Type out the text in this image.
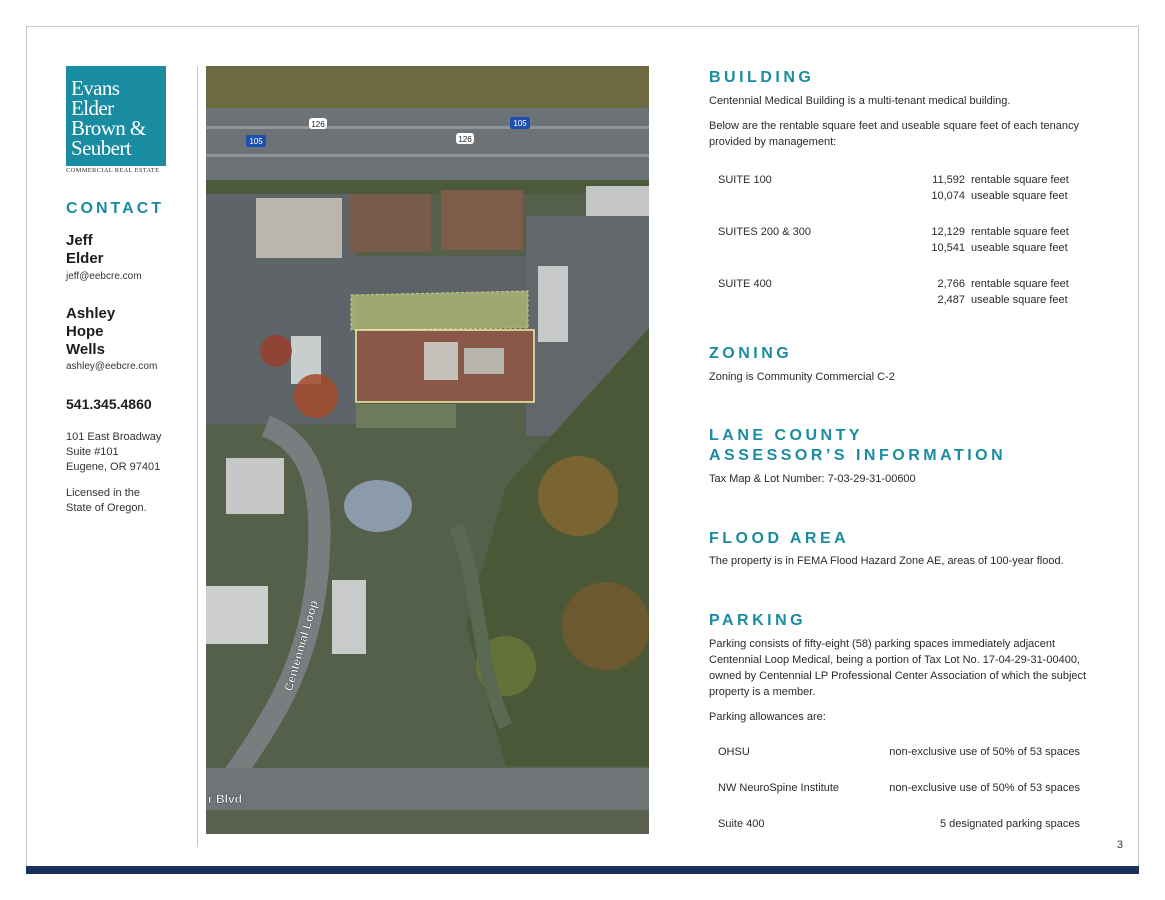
3
Evans
Elder
Brown &
Seubert
COMMERCIAL REAL ESTATE
CONTACT
Jeff
Elder
jeff@eebcre.com
Ashley
Hope
Wells
ashley@eebcre.com
541.345.4860
101 East Broadway
Suite #101
Eugene, OR 97401
Licensed in the
State of Oregon.
126
126
105
105
Centennial Loop
r Blvd
BUILDING
Centennial Medical Building is a multi-tenant medical building.
Below are the rentable square feet and useable square feet of each tenancy provided by management:
SUITE 100	11,592 rentable square feet
10,074 useable square feet
SUITES 200 & 300	12,129 rentable square feet
10,541 useable square feet
SUITE 400	2,766 rentable square feet
2,487 useable square feet
ZONING
Zoning is Community Commercial C-2
LANE COUNTY
ASSESSOR’S INFORMATION
Tax Map & Lot Number: 7-03-29-31-00600
FLOOD AREA
The property is in FEMA Flood Hazard Zone AE, areas of 100-year flood.
PARKING
Parking consists of fifty-eight (58) parking spaces immediately adjacent Centennial Loop Medical, being a portion of Tax Lot No. 17-04-29-31-00400, owned by Centennial LP Professional Center Association of which the subject property is a member.
Parking allowances are:
OHSU	non-exclusive use of 50% of 53 spaces
NW NeuroSpine Institute	non-exclusive use of 50% of 53 spaces
Suite 400	5 designated parking spaces
